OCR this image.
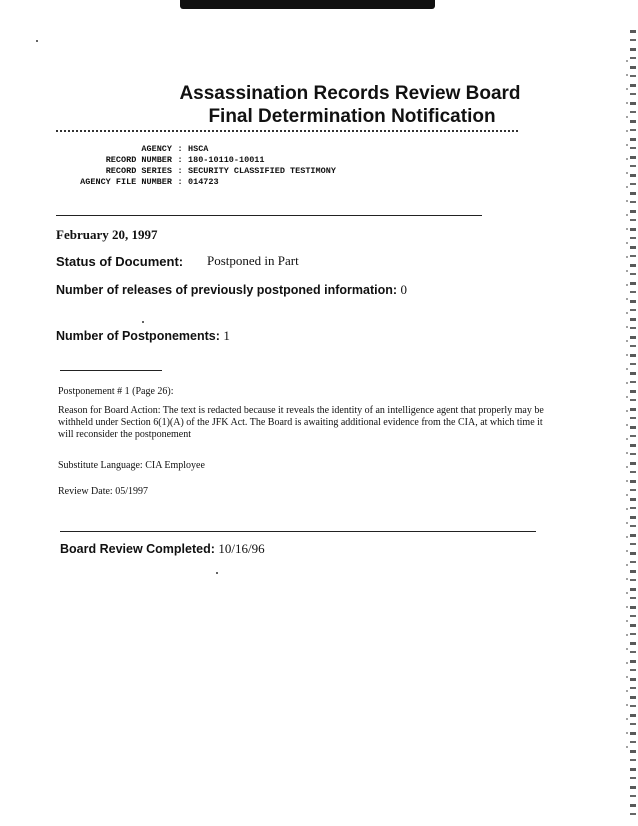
Assassination Records Review Board
Final Determination Notification
AGENCY : HSCA
RECORD NUMBER : 180-10110-10011
RECORD SERIES : SECURITY CLASSIFIED TESTIMONY
AGENCY FILE NUMBER : 014723
February 20, 1997
Status of Document: Postponed in Part
Number of releases of previously postponed information: 0
Number of Postponements: 1
Postponement # 1 (Page 26):
Reason for Board Action: The text is redacted because it reveals the identity of an intelligence agent that properly may be withheld under Section 6(1)(A) of the JFK Act. The Board is awaiting additional evidence from the CIA, at which time it will reconsider the postponement
Substitute Language: CIA Employee
Review Date: 05/1997
Board Review Completed: 10/16/96
